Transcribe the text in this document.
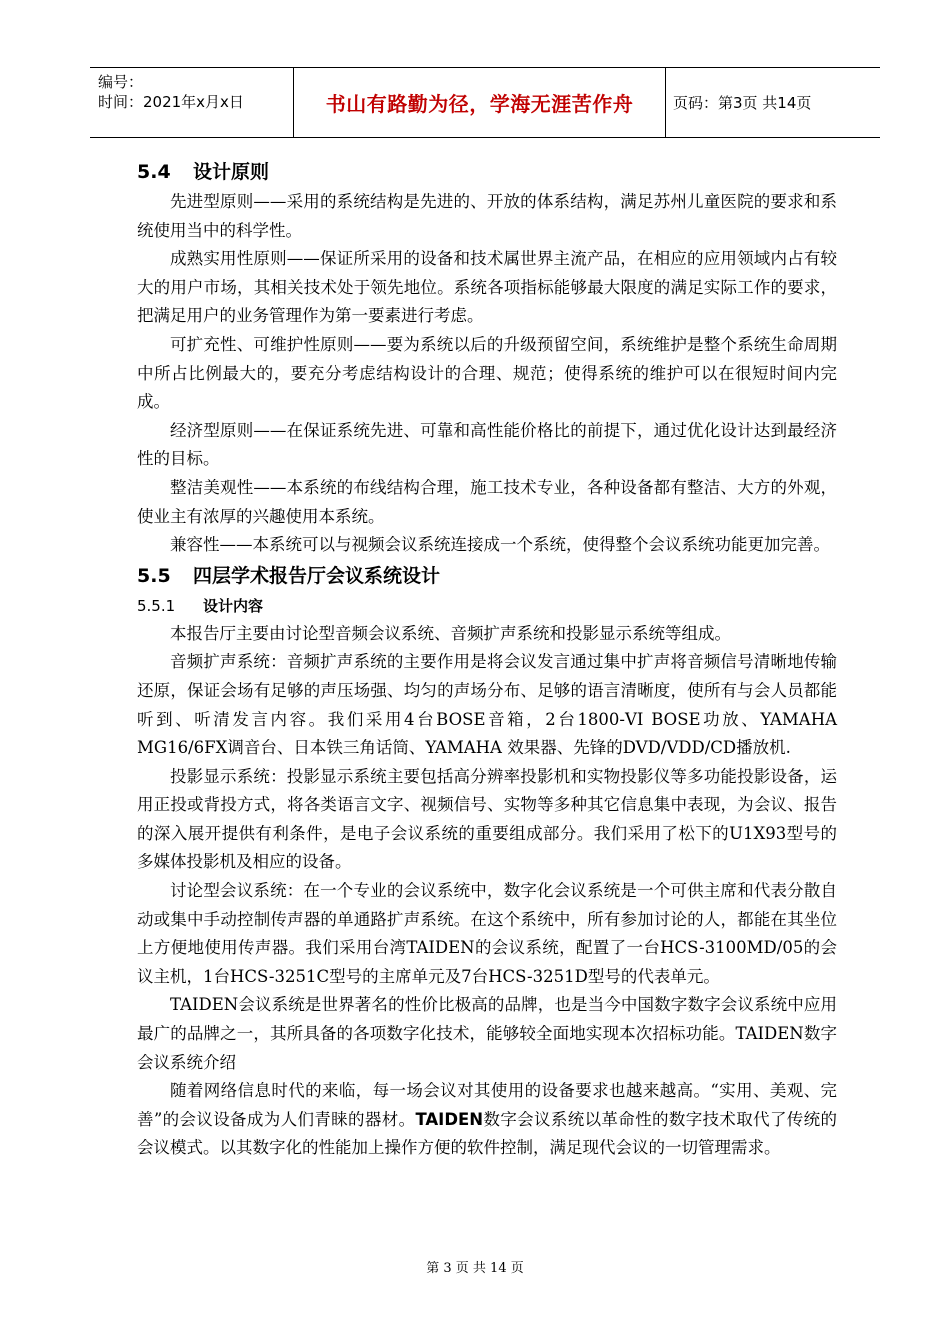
编号：
时间：2021年x月x日	书山有路勤为径，学海无涯苦作舟	页码：第3页 共14页
5.4 设计原则

先进型原则——采用的系统结构是先进的、开放的体系结构，满足苏州儿童医院的要求和系统使用当中的科学性。

成熟实用性原则——保证所采用的设备和技术属世界主流产品，在相应的应用领域内占有较大的用户市场，其相关技术处于领先地位。系统各项指标能够最大限度的满足实际工作的要求，把满足用户的业务管理作为第一要素进行考虑。

可扩充性、可维护性原则——要为系统以后的升级预留空间，系统维护是整个系统生命周期中所占比例最大的，要充分考虑结构设计的合理、规范；使得系统的维护可以在很短时间内完成。

经济型原则——在保证系统先进、可靠和高性能价格比的前提下，通过优化设计达到最经济性的目标。

整洁美观性——本系统的布线结构合理，施工技术专业，各种设备都有整洁、大方的外观，使业主有浓厚的兴趣使用本系统。

兼容性——本系统可以与视频会议系统连接成一个系统，使得整个会议系统功能更加完善。

5.5 四层学术报告厅会议系统设计
5.5.1 设计内容

本报告厅主要由讨论型音频会议系统、音频扩声系统和投影显示系统等组成。

音频扩声系统：音频扩声系统的主要作用是将会议发言通过集中扩声将音频信号清晰地传输还原，保证会场有足够的声压场强、均匀的声场分布、足够的语言清晰度，使所有与会人员都能听到、听清发言内容。我们采用4台BOSE音箱，2台1800-VI BOSE功放、YAMAHA MG16/6FX调音台、日本铁三角话筒、YAMAHA 效果器、先锋的DVD/VDD/CD播放机.

投影显示系统：投影显示系统主要包括高分辨率投影机和实物投影仪等多功能投影设备，运用正投或背投方式，将各类语言文字、视频信号、实物等多种其它信息集中表现，为会议、报告的深入展开提供有利条件，是电子会议系统的重要组成部分。我们采用了松下的U1X93型号的多媒体投影机及相应的设备。

讨论型会议系统：在一个专业的会议系统中，数字化会议系统是一个可供主席和代表分散自动或集中手动控制传声器的单通路扩声系统。在这个系统中，所有参加讨论的人，都能在其坐位上方便地使用传声器。我们采用台湾TAIDEN的会议系统，配置了一台HCS-3100MD/05的会议主机，1台HCS-3251C型号的主席单元及7台HCS-3251D型号的代表单元。

TAIDEN会议系统是世界著名的性价比极高的品牌，也是当今中国数字数字会议系统中应用最广的品牌之一，其所具备的各项数字化技术，能够较全面地实现本次招标功能。TAIDEN数字会议系统介绍

随着网络信息时代的来临，每一场会议对其使用的设备要求也越来越高。“实用、美观、完善”的会议设备成为人们青睐的器材。TAIDEN数字会议系统以革命性的数字技术取代了传统的会议模式。以其数字化的性能加上操作方便的软件控制，满足现代会议的一切管理需求。

第 3 页 共 14 页
